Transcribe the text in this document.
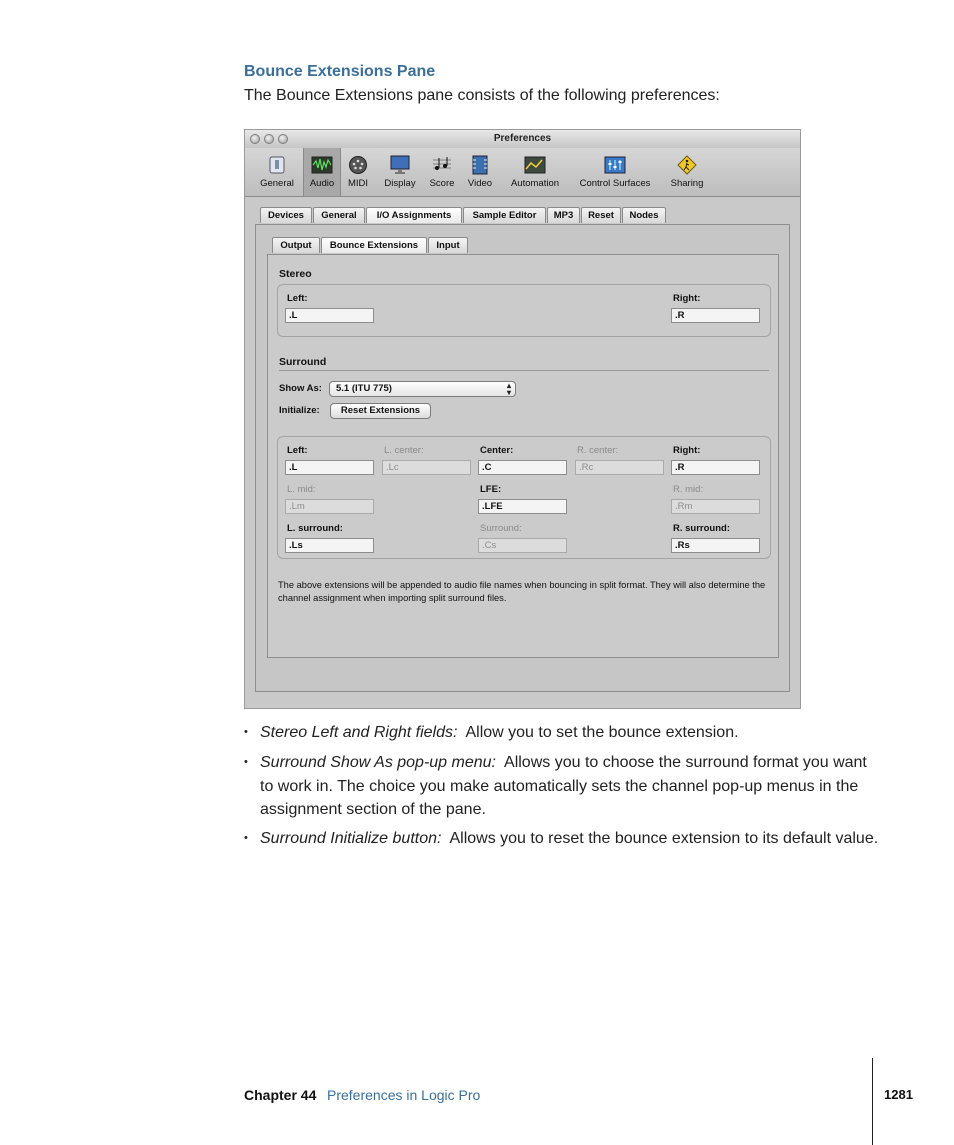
Bounce Extensions Pane
The Bounce Extensions pane consists of the following preferences:
Preferences
General	Audio	MIDI	Display	Score	Video	Automation	Control Surfaces	Sharing
Devices	General	I/O Assignments	Sample Editor	MP3	Reset	Nodes
Output	Bounce Extensions	Input
Stereo
Left:
.L
Right:
.R
Surround
Show As:	5.1 (ITU 775)	▴
▾
Initialize:	Reset Extensions
Left:
.L
L. center:
.Lc
Center:
.C
R. center:
.Rc
Right:
.R
L. mid:
.Lm
LFE:
.LFE
R. mid:
.Rm
L. surround:
.Ls
Surround:
.Cs
R. surround:
.Rs
The above extensions will be appended to audio file names when bouncing in split format. They will also determine the channel assignment when importing split surround files.
• Stereo Left and Right fields: Allow you to set the bounce extension.
• Surround Show As pop-up menu: Allows you to choose the surround format you want to work in. The choice you make automatically sets the channel pop-up menus in the assignment section of the pane.
• Surround Initialize button: Allows you to reset the bounce extension to its default value.
Chapter 44 Preferences in Logic Pro	1281
